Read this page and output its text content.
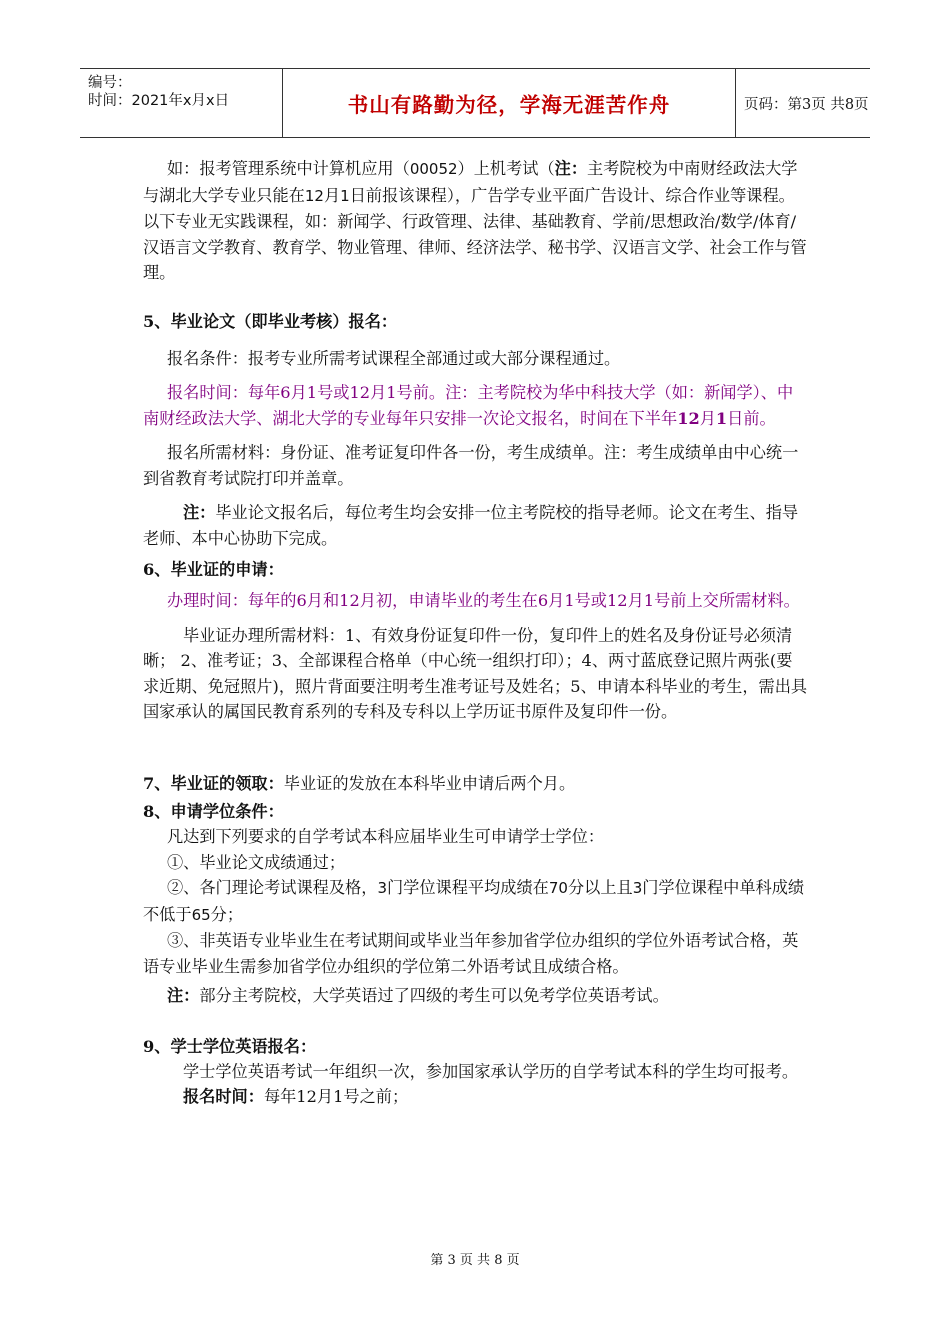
编号：
时间：2021年x月x日	书山有路勤为径，学海无涯苦作舟	页码：第3页 共8页

如：报考管理系统中计算机应用（00052）上机考试（注：主考院校为中南财经政法大学与湖北大学专业只能在12月1日前报该课程），广告学专业平面广告设计、综合作业等课程。以下专业无实践课程，如：新闻学、行政管理、法律、基础教育、学前/思想政治/数学/体育/汉语言文学教育、教育学、物业管理、律师、经济法学、秘书学、汉语言文学、社会工作与管理。

5、毕业论文（即毕业考核）报名：

报名条件：报考专业所需考试课程全部通过或大部分课程通过。

报名时间：每年6月1号或12月1号前。注：主考院校为华中科技大学（如：新闻学）、中南财经政法大学、湖北大学的专业每年只安排一次论文报名，时间在下半年12月1日前。

报名所需材料：身份证、准考证复印件各一份，考生成绩单。注：考生成绩单由中心统一到省教育考试院打印并盖章。

注：毕业论文报名后，每位考生均会安排一位主考院校的指导老师。论文在考生、指导老师、本中心协助下完成。

6、毕业证的申请：

办理时间：每年的6月和12月初，申请毕业的考生在6月1号或12月1号前上交所需材料。

毕业证办理所需材料：1、有效身份证复印件一份，复印件上的姓名及身份证号必须清晰； 2、准考证；3、全部课程合格单（中心统一组织打印）；4、两寸蓝底登记照片两张(要求近期、免冠照片)，照片背面要注明考生准考证号及姓名；5、申请本科毕业的考生，需出具国家承认的属国民教育系列的专科及专科以上学历证书原件及复印件一份。

7、毕业证的领取：毕业证的发放在本科毕业申请后两个月。

8、申请学位条件：

凡达到下列要求的自学考试本科应届毕业生可申请学士学位：

①、毕业论文成绩通过；

②、各门理论考试课程及格，3门学位课程平均成绩在70分以上且3门学位课程中单科成绩不低于65分；

③、非英语专业毕业生在考试期间或毕业当年参加省学位办组织的学位外语考试合格，英语专业毕业生需参加省学位办组织的学位第二外语考试且成绩合格。

注：部分主考院校，大学英语过了四级的考生可以免考学位英语考试。

9、学士学位英语报名：

学士学位英语考试一年组织一次，参加国家承认学历的自学考试本科的学生均可报考。

报名时间：每年12月1号之前；

第 3 页 共 8 页
